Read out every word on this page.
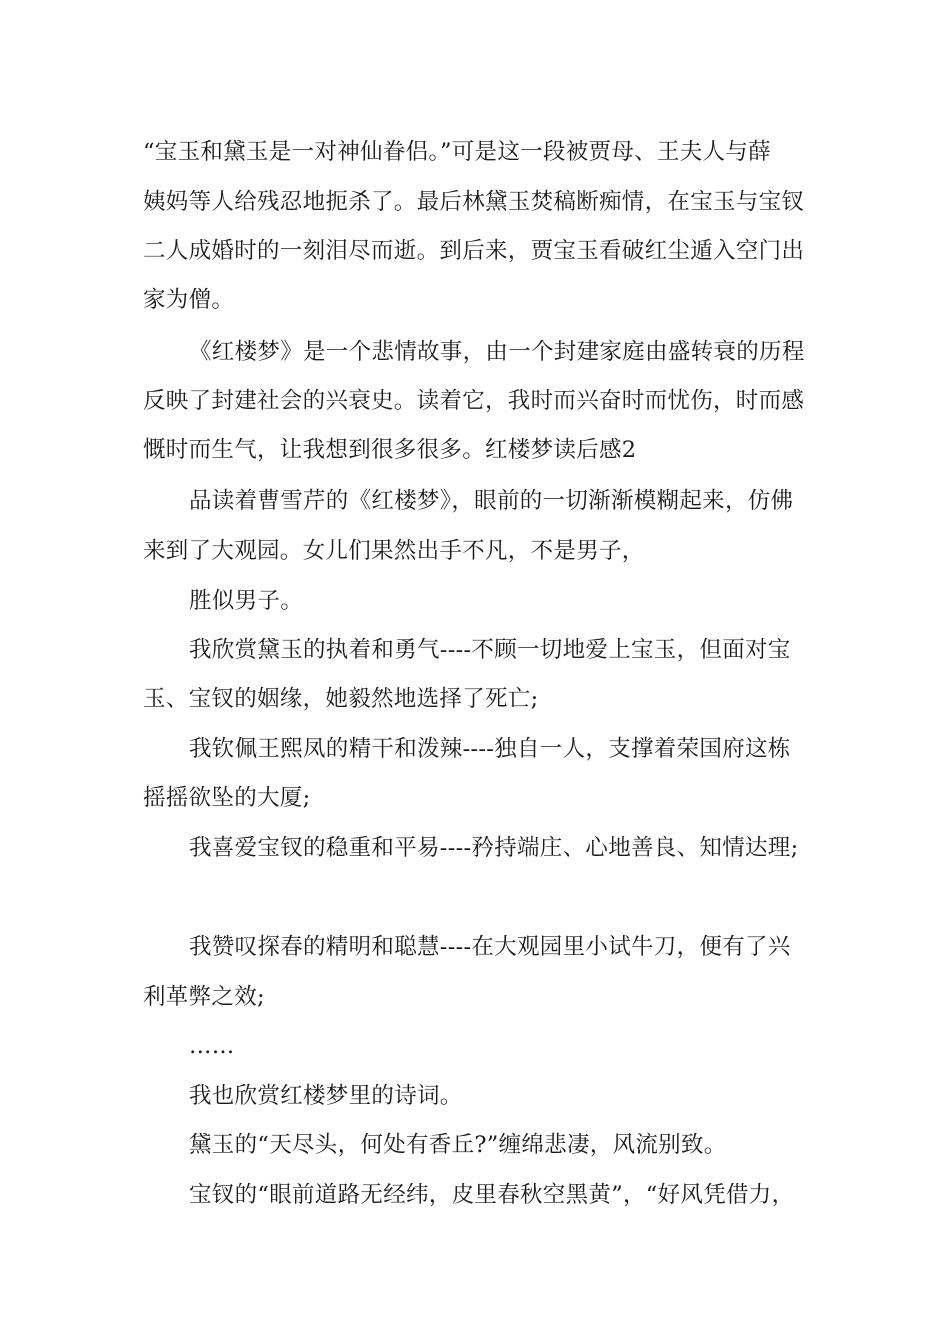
“宝玉和黛玉是一对神仙眷侣。”可是这一段被贾母、王夫人与薛
姨妈等人给残忍地扼杀了。最后林黛玉焚稿断痴情，在宝玉与宝钗
二人成婚时的一刻泪尽而逝。到后来，贾宝玉看破红尘遁入空门出
家为僧。
《红楼梦》是一个悲情故事，由一个封建家庭由盛转衰的历程
反映了封建社会的兴衰史。读着它，我时而兴奋时而忧伤，时而感
慨时而生气，让我想到很多很多。红楼梦读后感2
品读着曹雪芹的《红楼梦》，眼前的一切渐渐模糊起来，仿佛
来到了大观园。女儿们果然出手不凡，不是男子，
胜似男子。
我欣赏黛玉的执着和勇气----不顾一切地爱上宝玉，但面对宝
玉、宝钗的姻缘，她毅然地选择了死亡;
我钦佩王熙凤的精干和泼辣----独自一人，支撑着荣国府这栋
摇摇欲坠的大厦;
我喜爱宝钗的稳重和平易----矜持端庄、心地善良、知情达理;
我赞叹探春的精明和聪慧----在大观园里小试牛刀，便有了兴
利革弊之效;
……
我也欣赏红楼梦里的诗词。
黛玉的“天尽头，何处有香丘?”缠绵悲凄，风流别致。
宝钗的“眼前道路无经纬，皮里春秋空黑黄”，“好风凭借力，
